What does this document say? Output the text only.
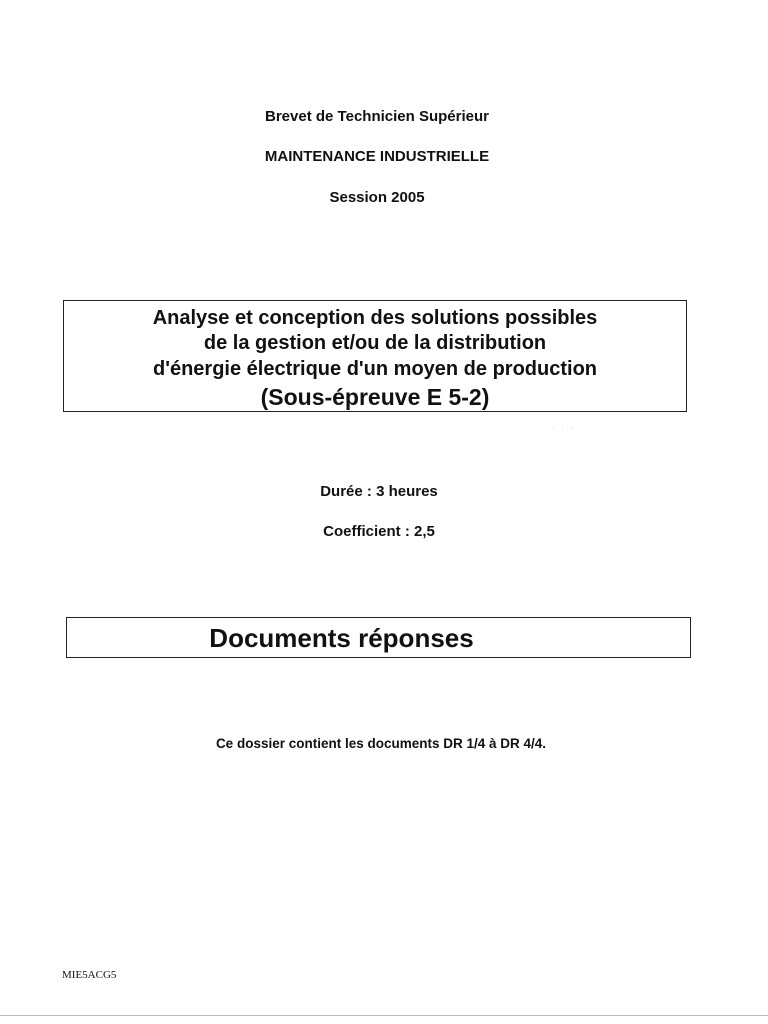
Brevet de Technicien Supérieur
MAINTENANCE INDUSTRIELLE
Session 2005
Analyse et conception des solutions possibles
de la gestion et/ou de la distribution
d'énergie électrique d'un moyen de production
(Sous-épreuve E 5-2)
· · ·
Durée : 3 heures
Coefficient : 2,5
Documents réponses
Ce dossier contient les documents DR 1/4 à DR 4/4.
MIE5ACG5
